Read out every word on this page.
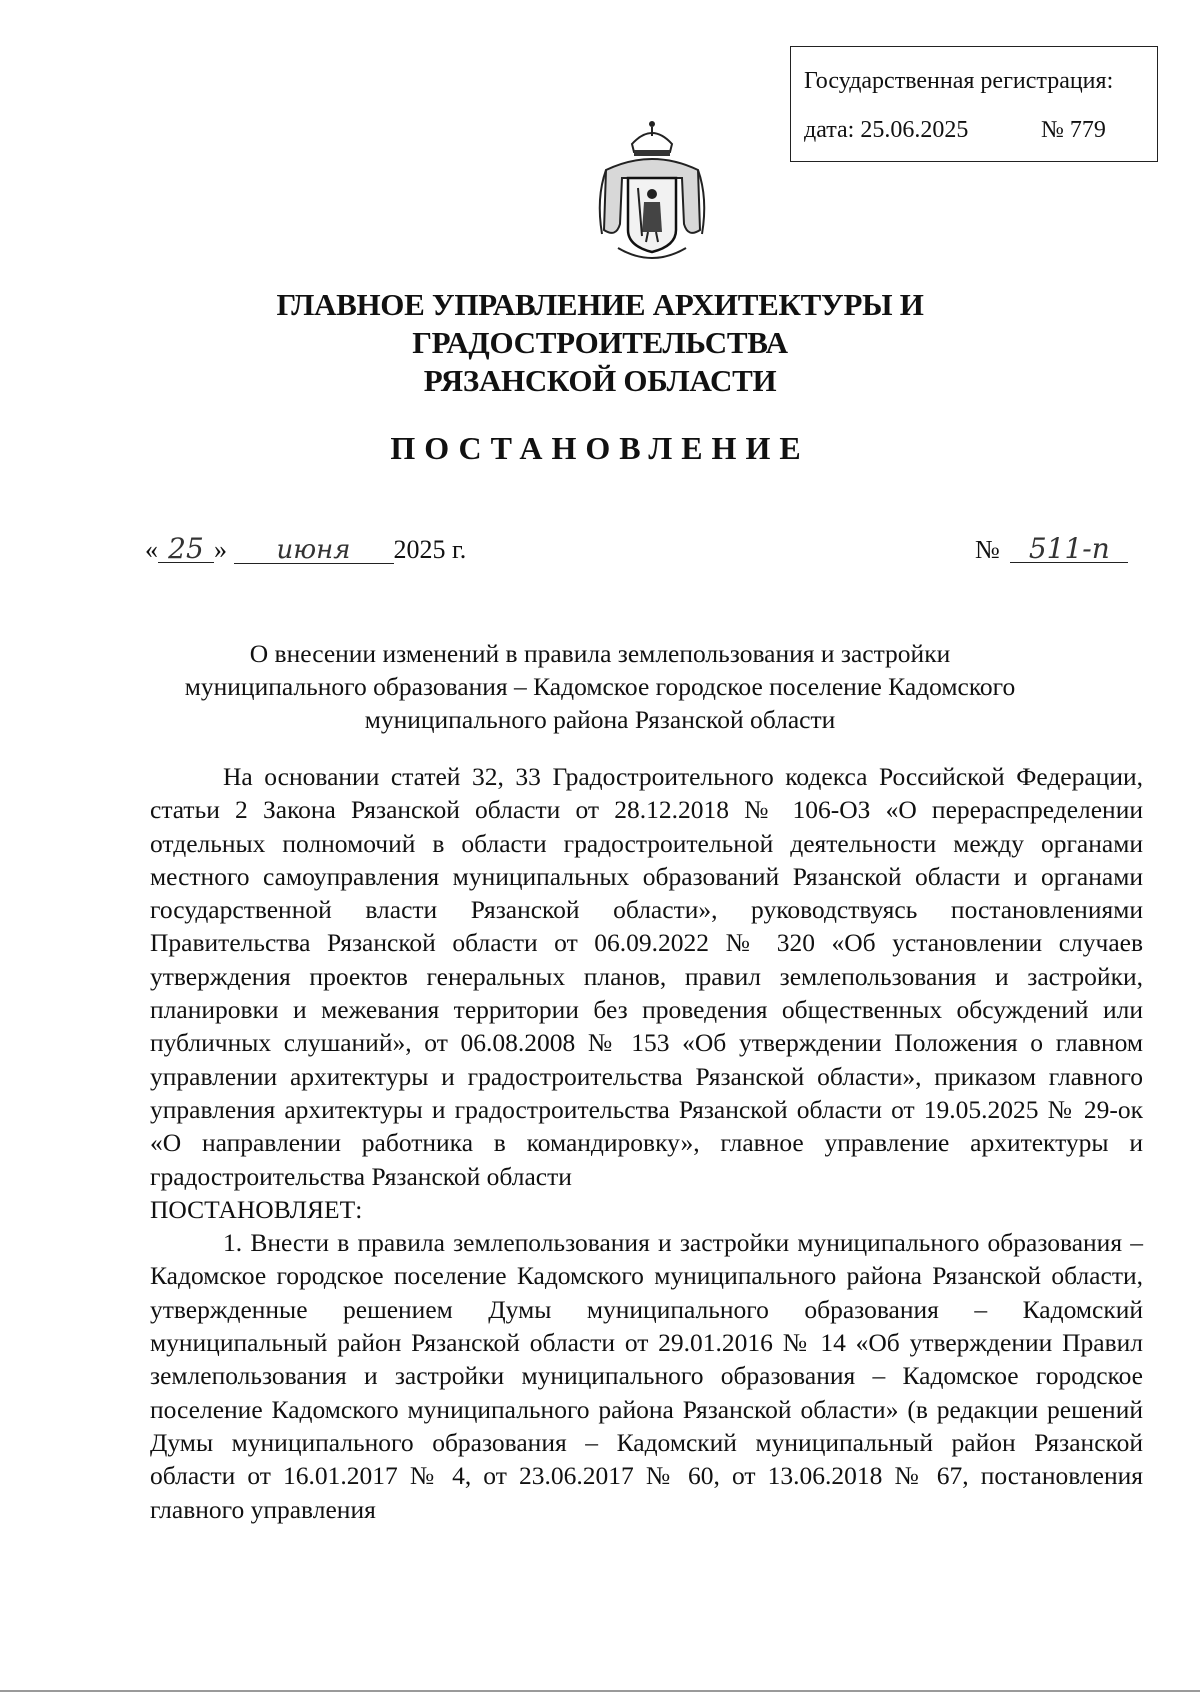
Государственная регистрация:
дата: 25.06.2025	№ 779
ГЛАВНОЕ УПРАВЛЕНИЕ АРХИТЕКТУРЫ И ГРАДОСТРОИТЕЛЬСТВА
РЯЗАНСКОЙ ОБЛАСТИ
ПОСТАНОВЛЕНИЕ
« 25 » июня 2025 г.	№ 511-п
О внесении изменений в правила землепользования и застройки
муниципального образования – Кадомское городское поселение Кадомского
муниципального района Рязанской области

На основании статей 32, 33 Градостроительного кодекса Российской Федерации, статьи 2 Закона Рязанской области от 28.12.2018 № 106-ОЗ «О перераспределении отдельных полномочий в области градостроительной деятельности между органами местного самоуправления муниципальных образований Рязанской области и органами государственной власти Рязанской области», руководствуясь постановлениями Правительства Рязанской области от 06.09.2022 № 320 «Об установлении случаев утверждения проектов генеральных планов, правил землепользования и застройки, планировки и межевания территории без проведения общественных обсуждений или публичных слушаний», от 06.08.2008 № 153 «Об утверждении Положения о главном управлении архитектуры и градостроительства Рязанской области», приказом главного управления архитектуры и градостроительства Рязанской области от 19.05.2025 № 29-ок «О направлении работника в командировку», главное управление архитектуры и градостроительства Рязанской области

ПОСТАНОВЛЯЕТ:

1. Внести в правила землепользования и застройки муниципального образования – Кадомское городское поселение Кадомского муниципального района Рязанской области, утвержденные решением Думы муниципального образования – Кадомский муниципальный район Рязанской области от 29.01.2016 № 14 «Об утверждении Правил землепользования и застройки муниципального образования – Кадомское городское поселение Кадомского муниципального района Рязанской области» (в редакции решений Думы муниципального образования – Кадомский муниципальный район Рязанской области от 16.01.2017 № 4, от 23.06.2017 № 60, от 13.06.2018 № 67, постановления главного управления
